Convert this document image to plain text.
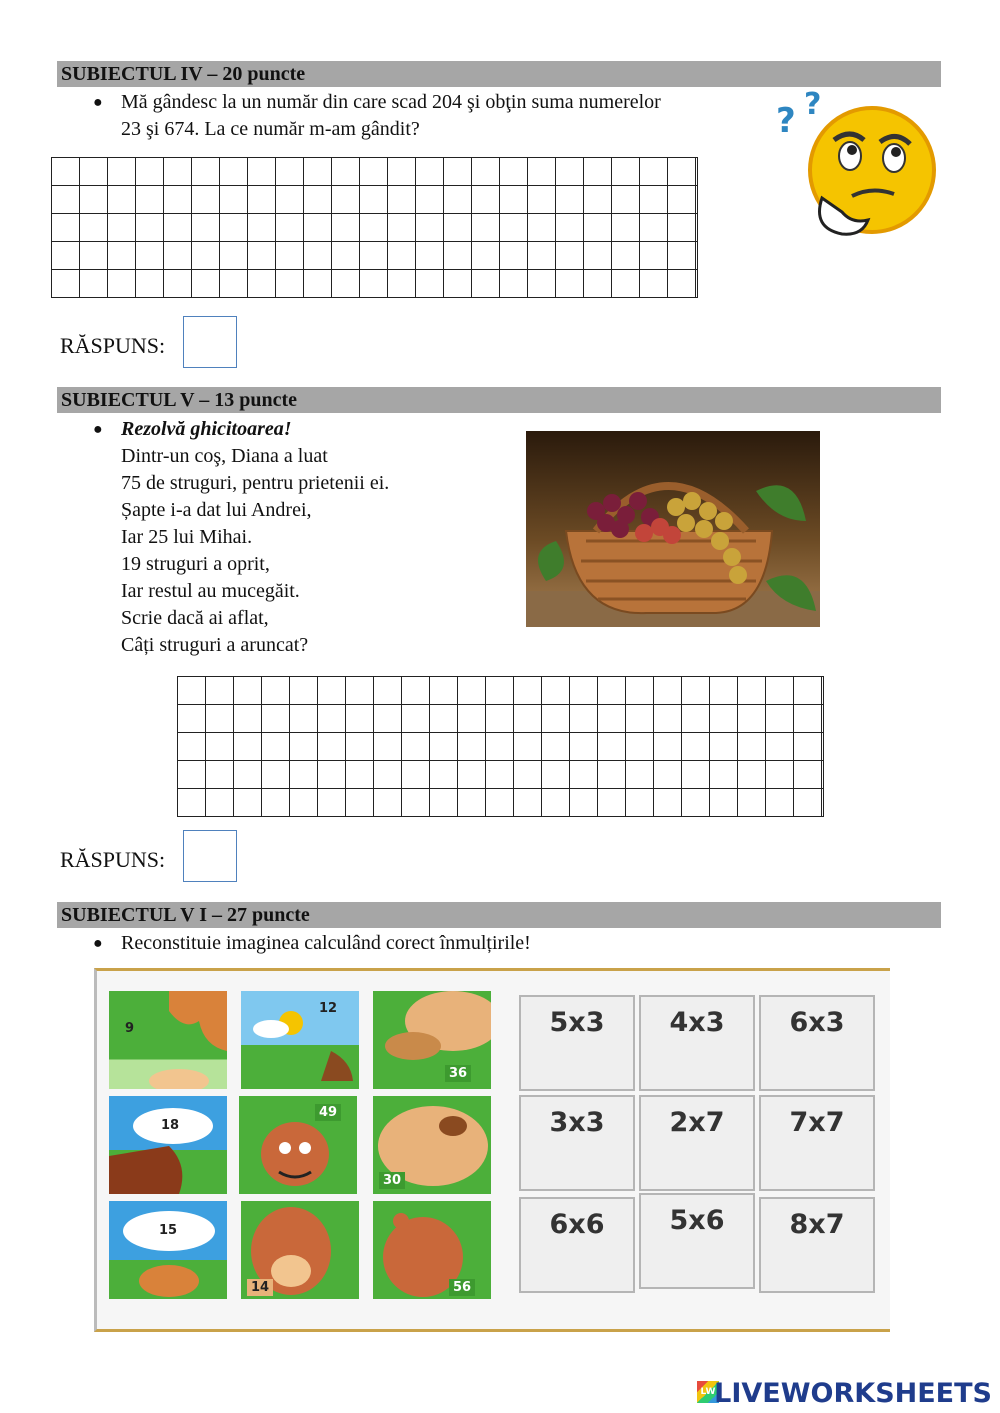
SUBIECTUL IV – 20 puncte
● Mă gândesc la un număr din care scad 204 şi obţin suma numerelor
23 şi 674. La ce număr m-am gândit?	? ?
RĂSPUNS:
SUBIECTUL V – 13 puncte
● Rezolvă ghicitoarea!
Dintr-un coş, Diana a luat
75 de struguri, pentru prietenii ei.
Șapte i-a dat lui Andrei,
Iar 25 lui Mihai.
19 struguri a oprit,
Iar restul au mucegăit.
Scrie dacă ai aflat,
Câți struguri a aruncat?
RĂSPUNS:
SUBIECTUL V I – 27 puncte
● Reconstituie imaginea calculând corect înmulțirile!
9
12
36
18
49
30
15
14	56
5x3	4x3	6x3
3x3	2x7	7x7
6x6	5x6	8x7
LW
LIVEWORKSHEETS
